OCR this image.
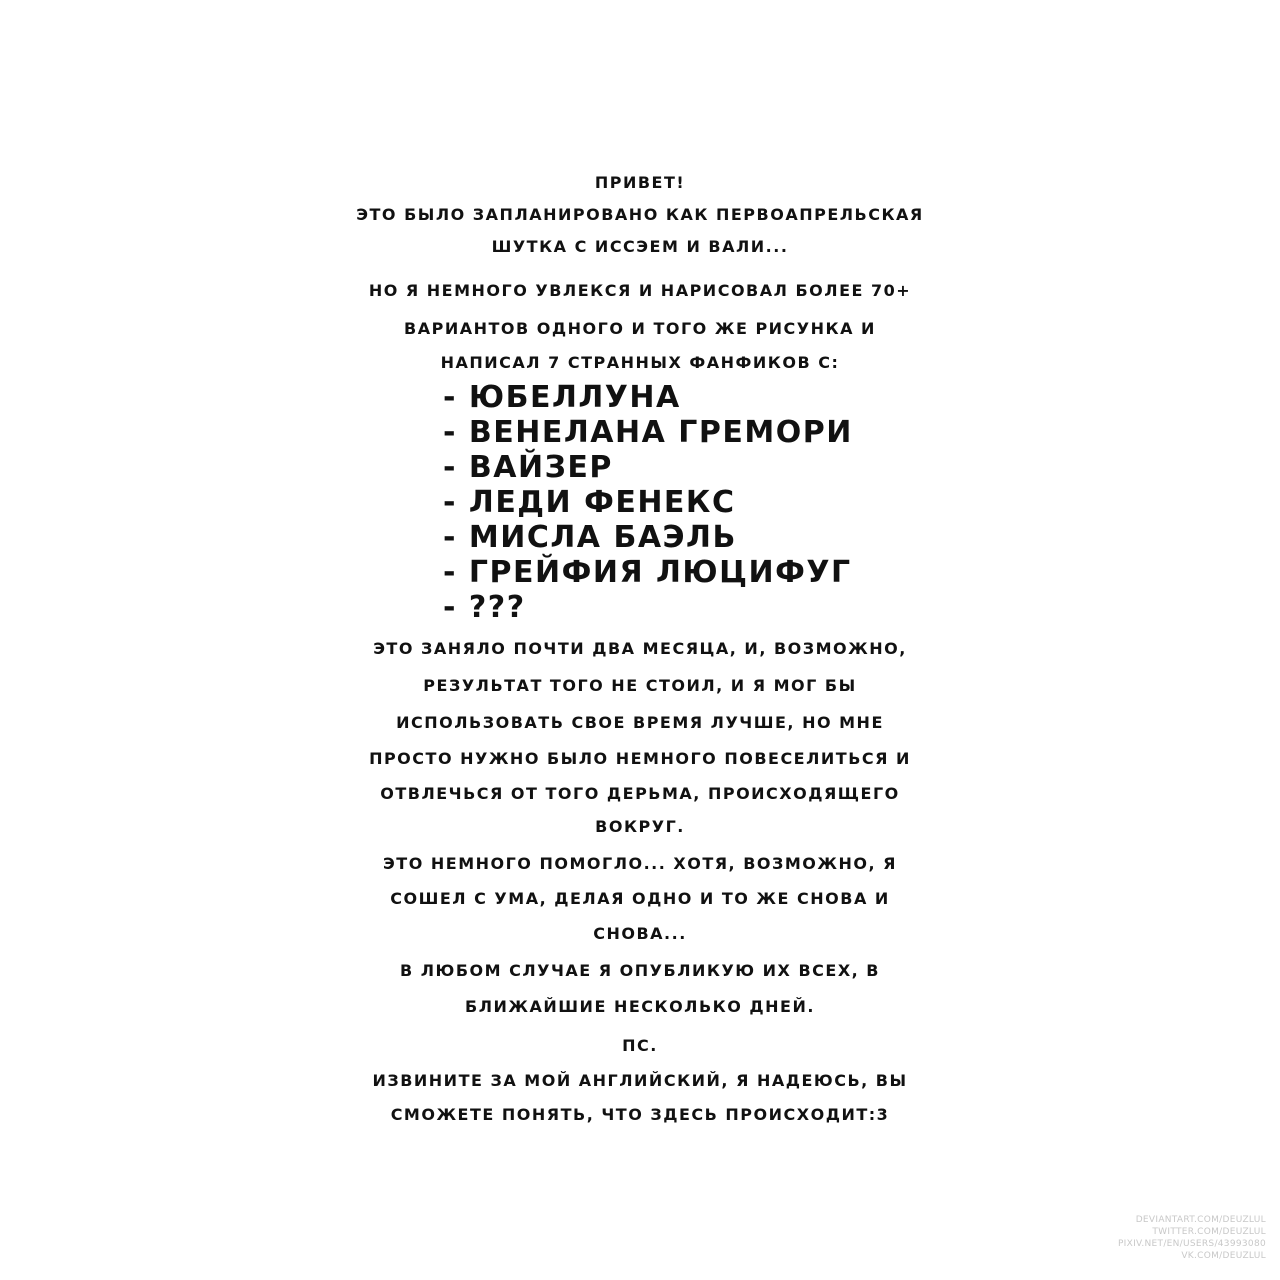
ПРИВЕТ!
ЭТО БЫЛО ЗАПЛАНИРОВАНО КАК ПЕРВОАПРЕЛЬСКАЯ
ШУТКА С ИССЭЕМ И ВАЛИ...
НО Я НЕМНОГО УВЛЕКСЯ И НАРИСОВАЛ БОЛЕЕ 70+
ВАРИАНТОВ ОДНОГО И ТОГО ЖЕ РИСУНКА И
НАПИСАЛ 7 СТРАННЫХ ФАНФИКОВ С:
- ЮБЕЛЛУНА
- ВЕНЕЛАНА ГРЕМОРИ
- ВАЙЗЕР
- ЛЕДИ ФЕНЕКС
- МИСЛА БАЭЛЬ
- ГРЕЙФИЯ ЛЮЦИФУГ
- ???
ЭТО ЗАНЯЛО ПОЧТИ ДВА МЕСЯЦА, И, ВОЗМОЖНО,
РЕЗУЛЬТАТ ТОГО НЕ СТОИЛ, И Я МОГ БЫ
ИСПОЛЬЗОВАТЬ СВОЕ ВРЕМЯ ЛУЧШЕ, НО МНЕ
ПРОСТО НУЖНО БЫЛО НЕМНОГО ПОВЕСЕЛИТЬСЯ И
ОТВЛЕЧЬСЯ ОТ ТОГО ДЕРЬМА, ПРОИСХОДЯЩЕГО
ВОКРУГ.
ЭТО НЕМНОГО ПОМОГЛО... ХОТЯ, ВОЗМОЖНО, Я
СОШЕЛ С УМА, ДЕЛАЯ ОДНО И ТО ЖЕ СНОВА И
СНОВА...
В ЛЮБОМ СЛУЧАЕ Я ОПУБЛИКУЮ ИХ ВСЕХ, В
БЛИЖАЙШИЕ НЕСКОЛЬКО ДНЕЙ.
ПС.
ИЗВИНИТЕ ЗА МОЙ АНГЛИЙСКИЙ, Я НАДЕЮСЬ, ВЫ
СМОЖЕТЕ ПОНЯТЬ, ЧТО ЗДЕСЬ ПРОИСХОДИТ:3
DEVIANTART.COM/DEUZLUL
TWITTER.COM/DEUZLUL
PIXIV.NET/EN/USERS/43993080
VK.COM/DEUZLUL
